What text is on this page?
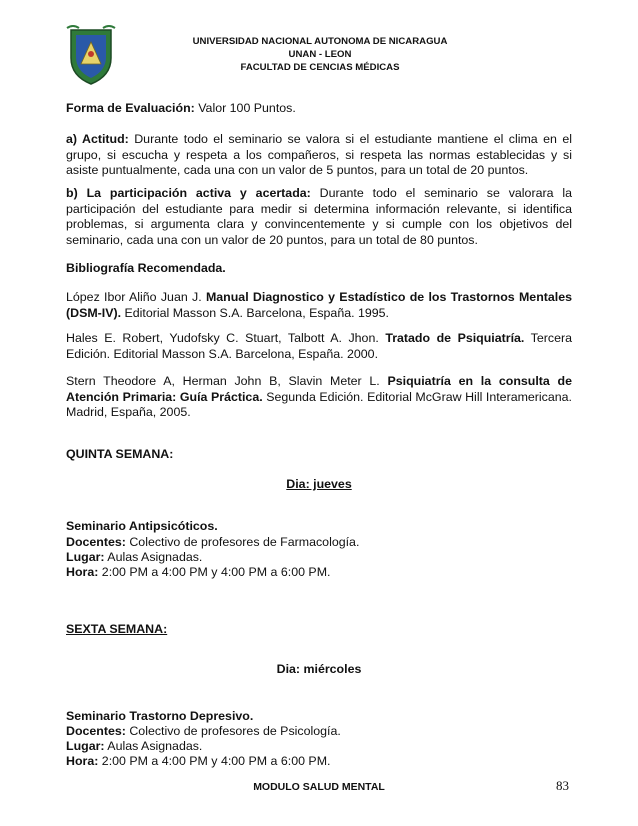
UNIVERSIDAD NACIONAL AUTONOMA DE NICARAGUA
UNAN - LEON
FACULTAD DE CENCIAS MÉDICAS

Forma de Evaluación: Valor 100 Puntos.

a) Actitud: Durante todo el seminario se valora si el estudiante mantiene el clima en el grupo, si escucha y respeta a los compañeros, si respeta las normas establecidas y si asiste puntualmente, cada una con un valor de 5 puntos, para un total de 20 puntos.

b) La participación activa y acertada: Durante todo el seminario se valorara la participación del estudiante para medir si determina información relevante, si identifica problemas, si argumenta clara y convincentemente y si cumple con los objetivos del seminario, cada una con un valor de 20 puntos, para un total de 80 puntos.

Bibliografía Recomendada.

López Ibor Aliño Juan J. Manual Diagnostico y Estadístico de los Trastornos Mentales (DSM-IV). Editorial Masson S.A. Barcelona, España. 1995.

Hales E. Robert, Yudofsky C. Stuart, Talbott A. Jhon. Tratado de Psiquiatría. Tercera Edición. Editorial Masson S.A. Barcelona, España. 2000.

Stern Theodore A, Herman John B, Slavin Meter L. Psiquiatría en la consulta de Atención Primaria: Guía Práctica. Segunda Edición. Editorial McGraw Hill Interamericana. Madrid, España, 2005.

QUINTA SEMANA:

Dia: jueves

Seminario Antipsicóticos.

Docentes: Colectivo de profesores de Farmacología.

Lugar: Aulas Asignadas.

Hora: 2:00 PM a 4:00 PM y 4:00 PM a 6:00 PM.

SEXTA SEMANA:

Dia: miércoles

Seminario Trastorno Depresivo.

Docentes: Colectivo de profesores de Psicología.

Lugar: Aulas Asignadas.

Hora: 2:00 PM a 4:00 PM y 4:00 PM a 6:00 PM.

MODULO SALUD MENTAL	83
